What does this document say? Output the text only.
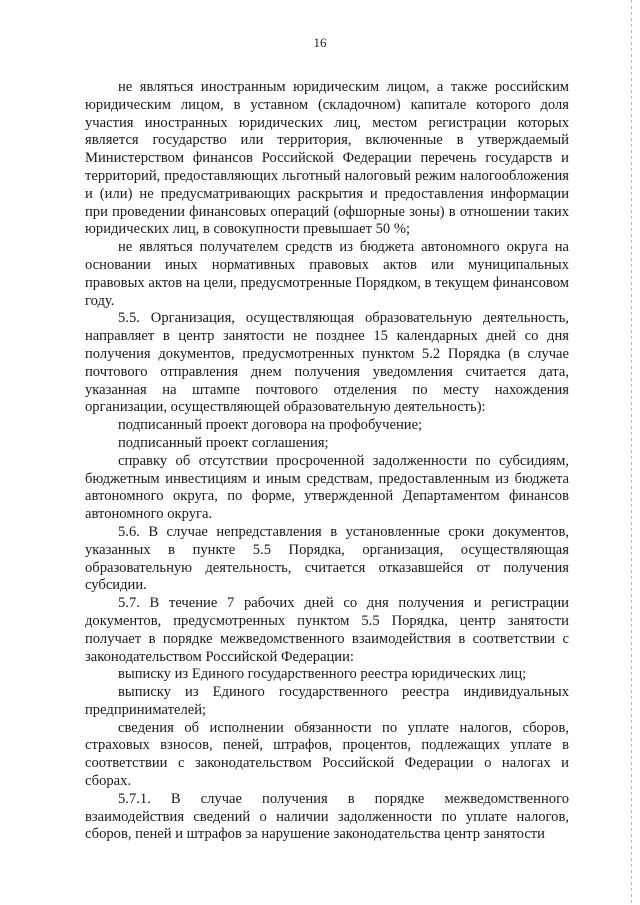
16

не являться иностранным юридическим лицом, а также российским юридическим лицом, в уставном (складочном) капитале которого доля участия иностранных юридических лиц, местом регистрации которых является государство или территория, включенные в утверждаемый Министерством финансов Российской Федерации перечень государств и территорий, предоставляющих льготный налоговый режим налогообложения и (или) не предусматривающих раскрытия и предоставления информации при проведении финансовых операций (офшорные зоны) в отношении таких юридических лиц, в совокупности превышает 50 %;

не являться получателем средств из бюджета автономного округа на основании иных нормативных правовых актов или муниципальных правовых актов на цели, предусмотренные Порядком, в текущем финансовом году.

5.5. Организация, осуществляющая образовательную деятельность, направляет в центр занятости не позднее 15 календарных дней со дня получения документов, предусмотренных пунктом 5.2 Порядка (в случае почтового отправления днем получения уведомления считается дата, указанная на штампе почтового отделения по месту нахождения организации, осуществляющей образовательную деятельность):

подписанный проект договора на профобучение;

подписанный проект соглашения;

справку об отсутствии просроченной задолженности по субсидиям, бюджетным инвестициям и иным средствам, предоставленным из бюджета автономного округа, по форме, утвержденной Департаментом финансов автономного округа.

5.6. В случае непредставления в установленные сроки документов, указанных в пункте 5.5 Порядка, организация, осуществляющая образовательную деятельность, считается отказавшейся от получения субсидии.

5.7. В течение 7 рабочих дней со дня получения и регистрации документов, предусмотренных пунктом 5.5 Порядка, центр занятости получает в порядке межведомственного взаимодействия в соответствии с законодательством Российской Федерации:

выписку из Единого государственного реестра юридических лиц;

выписку из Единого государственного реестра индивидуальных предпринимателей;

сведения об исполнении обязанности по уплате налогов, сборов, страховых взносов, пеней, штрафов, процентов, подлежащих уплате в соответствии с законодательством Российской Федерации о налогах и сборах.

5.7.1. В случае получения в порядке межведомственного взаимодействия сведений о наличии задолженности по уплате налогов, сборов, пеней и штрафов за нарушение законодательства центр занятости
